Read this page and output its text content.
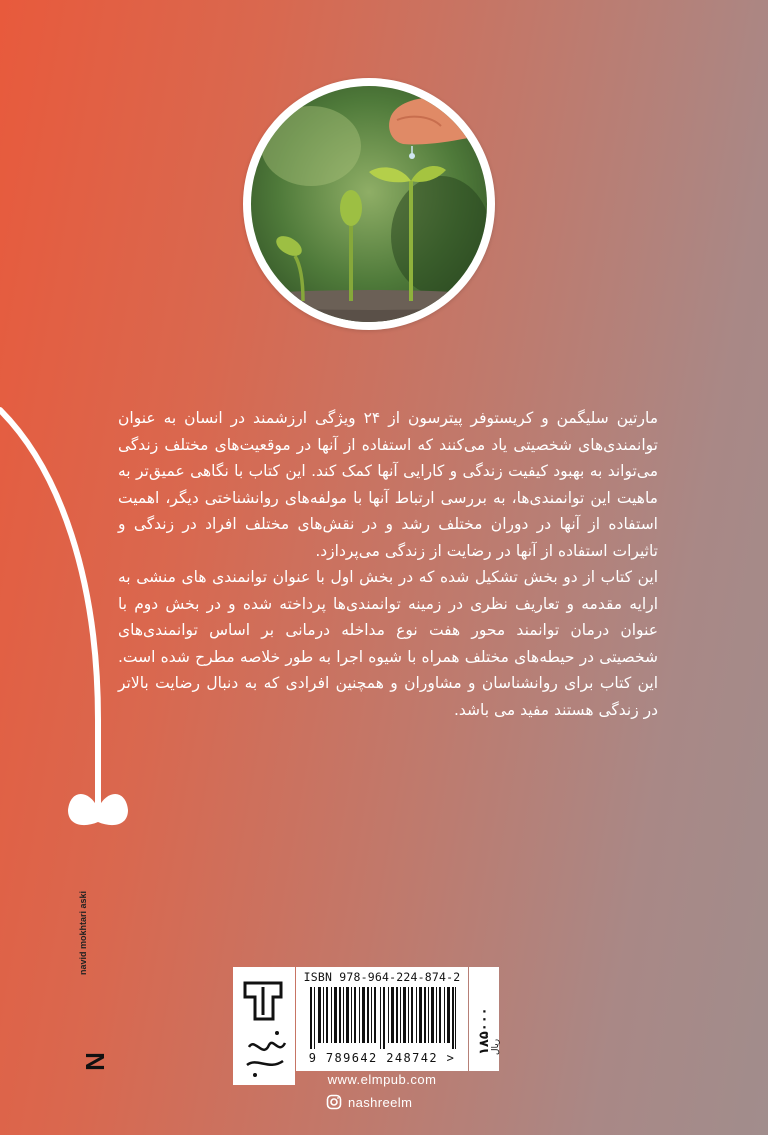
مارتین سلیگمن و کریستوفر پیترسون از ۲۴ ویژگی ارزشمند در انسان به عنوان توانمندی‌های شخصیتی یاد می‌کنند که استفاده از آنها در موقعیت‌های مختلف زندگی می‌تواند به بهبود کیفیت زندگی و کارایی آنها کمک کند. این کتاب با نگاهی عمیق‌تر به ماهیت این توانمندی‌ها، به بررسی ارتباط آنها با مولفه‌های روانشناختی دیگر، اهمیت استفاده از آنها در دوران مختلف رشد و در نقش‌های مختلف افراد در زندگی و تاثیرات استفاده از آنها در رضایت از زندگی می‌پردازد.

این کتاب از دو بخش تشکیل شده که در بخش اول با عنوان توانمندی های منشی به ارایه مقدمه و تعاریف نظری در زمینه توانمندی‌ها پرداخته شده و در بخش دوم با عنوان درمان توانمند محور هفت نوع مداخله درمانی بر اساس توانمندی‌های شخصیتی در حیطه‌های مختلف همراه با شیوه اجرا به طور خلاصه مطرح شده است. این کتاب برای روانشناسان و مشاوران و همچنین افرادی که به دنبال رضایت بالاتر در زندگی هستند مفید می باشد.

navid mokhtari aski
N
ISBN 978-964-224-874-2
9 789642 248742 >
۱۸۵۰۰۰ ریال
www.elmpub.com
nashreelm
